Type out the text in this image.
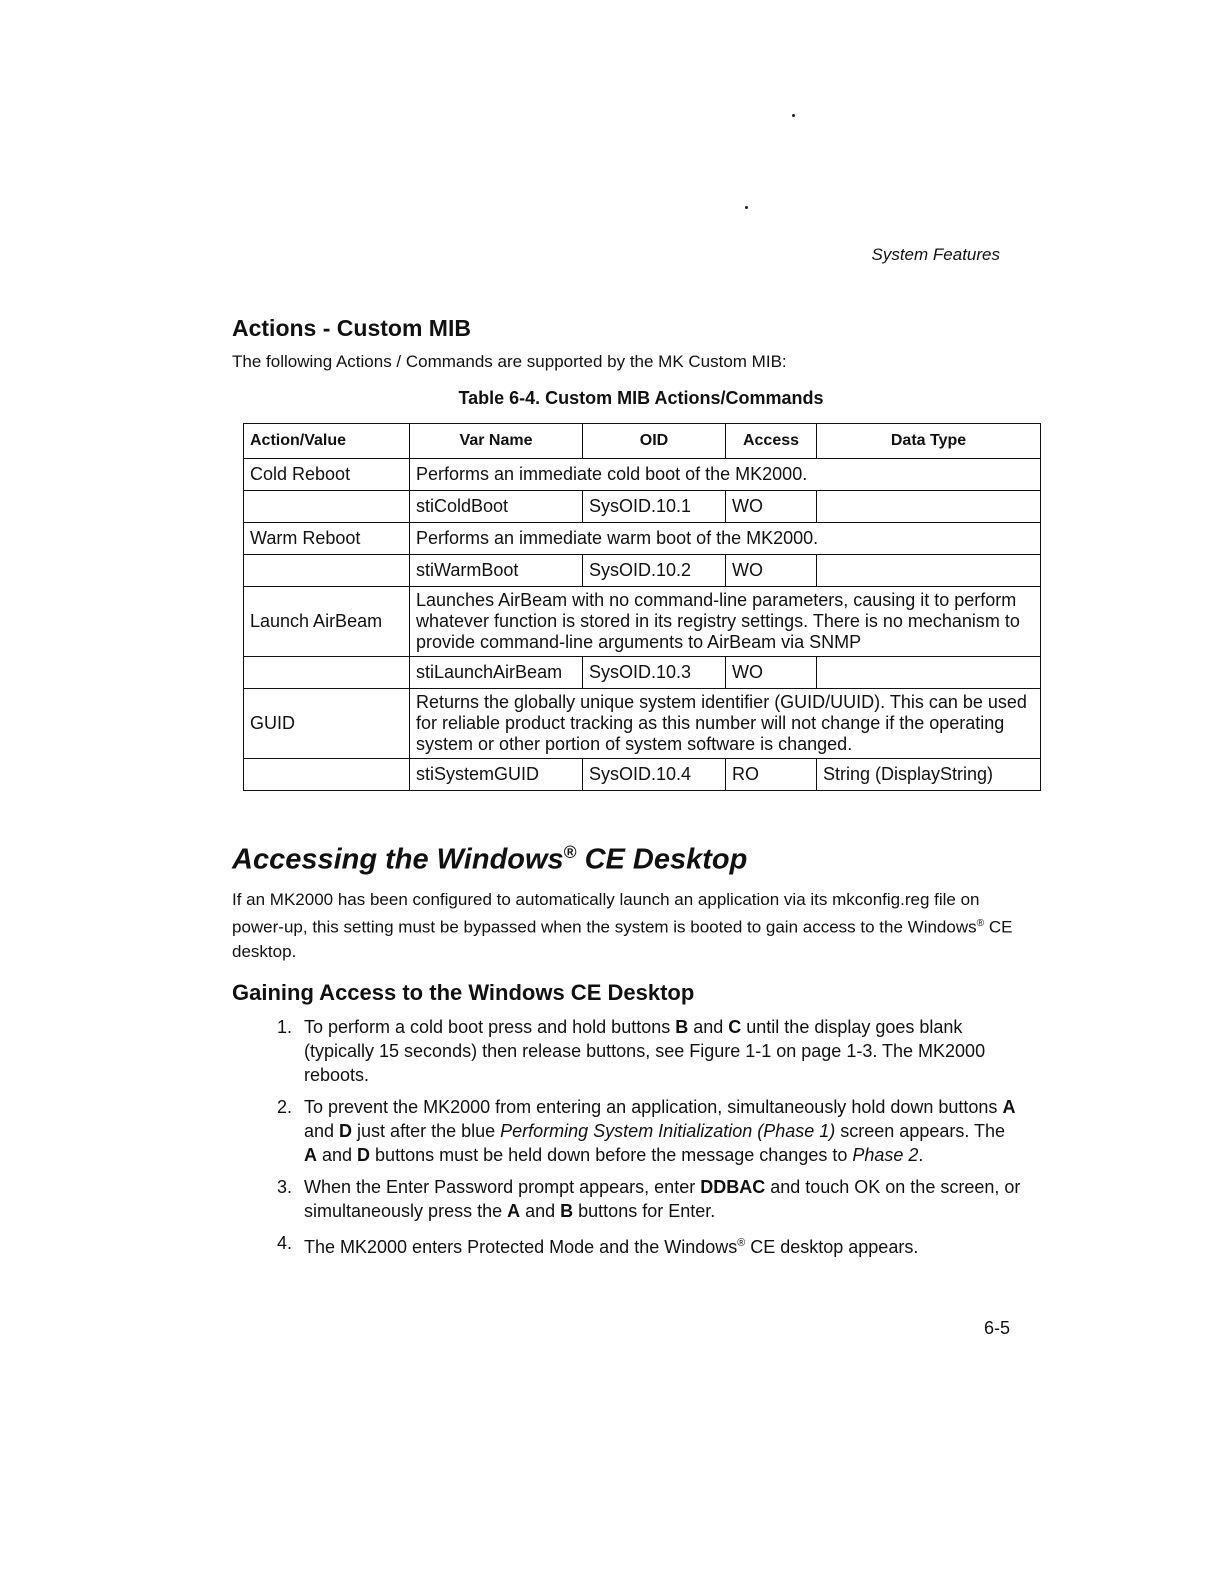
System Features
Actions - Custom MIB

The following Actions / Commands are supported by the MK Custom MIB:

Table 6-4. Custom MIB Actions/Commands

Action/Value	Var Name	OID	Access	Data Type
Cold Reboot	Performs an immediate cold boot of the MK2000.			
	stiColdBoot	SysOID.10.1	WO	
Warm Reboot	Performs an immediate warm boot of the MK2000.			
	stiWarmBoot	SysOID.10.2	WO	
Launch AirBeam	Launches AirBeam with no command-line parameters, causing it to perform whatever function is stored in its registry settings. There is no mechanism to provide command-line arguments to AirBeam via SNMP			
	stiLaunchAirBeam	SysOID.10.3	WO	
GUID	Returns the globally unique system identifier (GUID/UUID). This can be used for reliable product tracking as this number will not change if the operating system or other portion of system software is changed.			
	stiSystemGUID	SysOID.10.4	RO	String (DisplayString)
Accessing the Windows® CE Desktop

If an MK2000 has been configured to automatically launch an application via its mkconfig.reg file on power-up, this setting must be bypassed when the system is booted to gain access to the Windows® CE desktop.

Gaining Access to the Windows CE Desktop
1. To perform a cold boot press and hold buttons B and C until the display goes blank (typically 15 seconds) then release buttons, see Figure 1-1 on page 1-3. The MK2000 reboots.
2. To prevent the MK2000 from entering an application, simultaneously hold down buttons A and D just after the blue Performing System Initialization (Phase 1) screen appears. The A and D buttons must be held down before the message changes to Phase 2.
3. When the Enter Password prompt appears, enter DDBAC and touch OK on the screen, or simultaneously press the A and B buttons for Enter.
4. The MK2000 enters Protected Mode and the Windows® CE desktop appears.
6-5
